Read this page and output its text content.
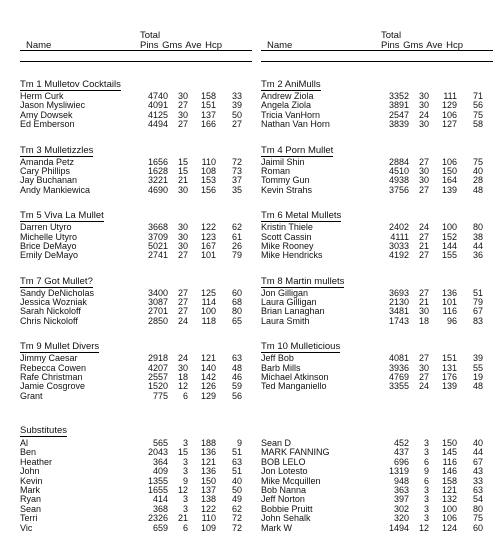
Total
Name	Pins Gms Ave Hcp
Tm 1 Mulletov Cocktails
Herm Curk	4740 30 158 33
Jason Mysliwiec	4091 27 151 39
Amy Dowsek	4125 30 137 50
Ed Emberson	4494 27 166 27
Tm 3 Mulletizzles
Amanda Petz	1656 15 110 72
Cary Phillips	1628 15 108 73
Jay Buchanan	3221 21 153 37
Andy Mankiewica	4690 30 156 35
Tm 5 Viva La Mullet
Darren Utyro	3668 30 122 62
Michelle Utyro	3709 30 123 61
Brice DeMayo	5021 30 167 26
Emily DeMayo	2741 27 101 79
Tm 7 Got Mullet?
Sandy DeNicholas	3400 27 125 60
Jessica Wozniak	3087 27 114 68
Sarah Nickoloff	2701 27 100 80
Chris Nickoloff	2850 24 118 65
Tm 9 Mullet Divers
Jimmy Caesar	2918 24 121 63
Rebecca Cowen	4207 30 140 48
Rafe Christman	2557 18 142 46
Jamie Cosgrove	1520 12 126 59
Grant	775 6 129 56
Total
Name	Pins Gms Ave Hcp
Tm 2 AniMulls
Andrew Ziola	3352 30 111 71
Angela Ziola	3891 30 129 56
Tricia VanHorn	2547 24 106 75
Nathan Van Horn	3839 30 127 58
Tm 4 Porn Mullet
Jaimil Shin	2884 27 106 75
Roman	4510 30 150 40
Tommy Gun	4938 30 164 28
Kevin Strahs	3756 27 139 48
Tm 6 Metal Mullets
Kristin Thiele	2402 24 100 80
Scott Cassin	4111 27 152 38
Mike Rooney	3033 21 144 44
Mike Hendricks	4192 27 155 36
Tm 8 Martin mullets
Jon Gilligan	3693 27 136 51
Laura Gilligan	2130 21 101 79
Brian Lanaghan	3481 30 116 67
Laura Smith	1743 18 96 83
Tm 10 Mulleticious
Jeff Bob	4081 27 151 39
Barb Mills	3936 30 131 55
Michael Atkinson	4769 27 176 19
Ted Manganiello	3355 24 139 48
Substitutes
Al	565 3 188 9
Ben	2043 15 136 51
Heather	364 3 121 63
John	409 3 136 51
Kevin	1355 9 150 40
Mark	1655 12 137 50
Ryan	414 3 138 49
Sean	368 3 122 62
Terri	2326 21 110 72
Vic	659 6 109 72
Sean D	452 3 150 40
MARK FANNING	437 3 145 44
BOB LELO	696 6 116 67
Jon Lotesto	1319 9 146 43
Mike Mcquillen	948 6 158 33
Bob Nanna	363 3 121 63
Jeff Norton	397 3 132 54
Bobbie Pruitt	302 3 100 80
John Sehalk	320 3 106 75
Mark W	1494 12 124 60
